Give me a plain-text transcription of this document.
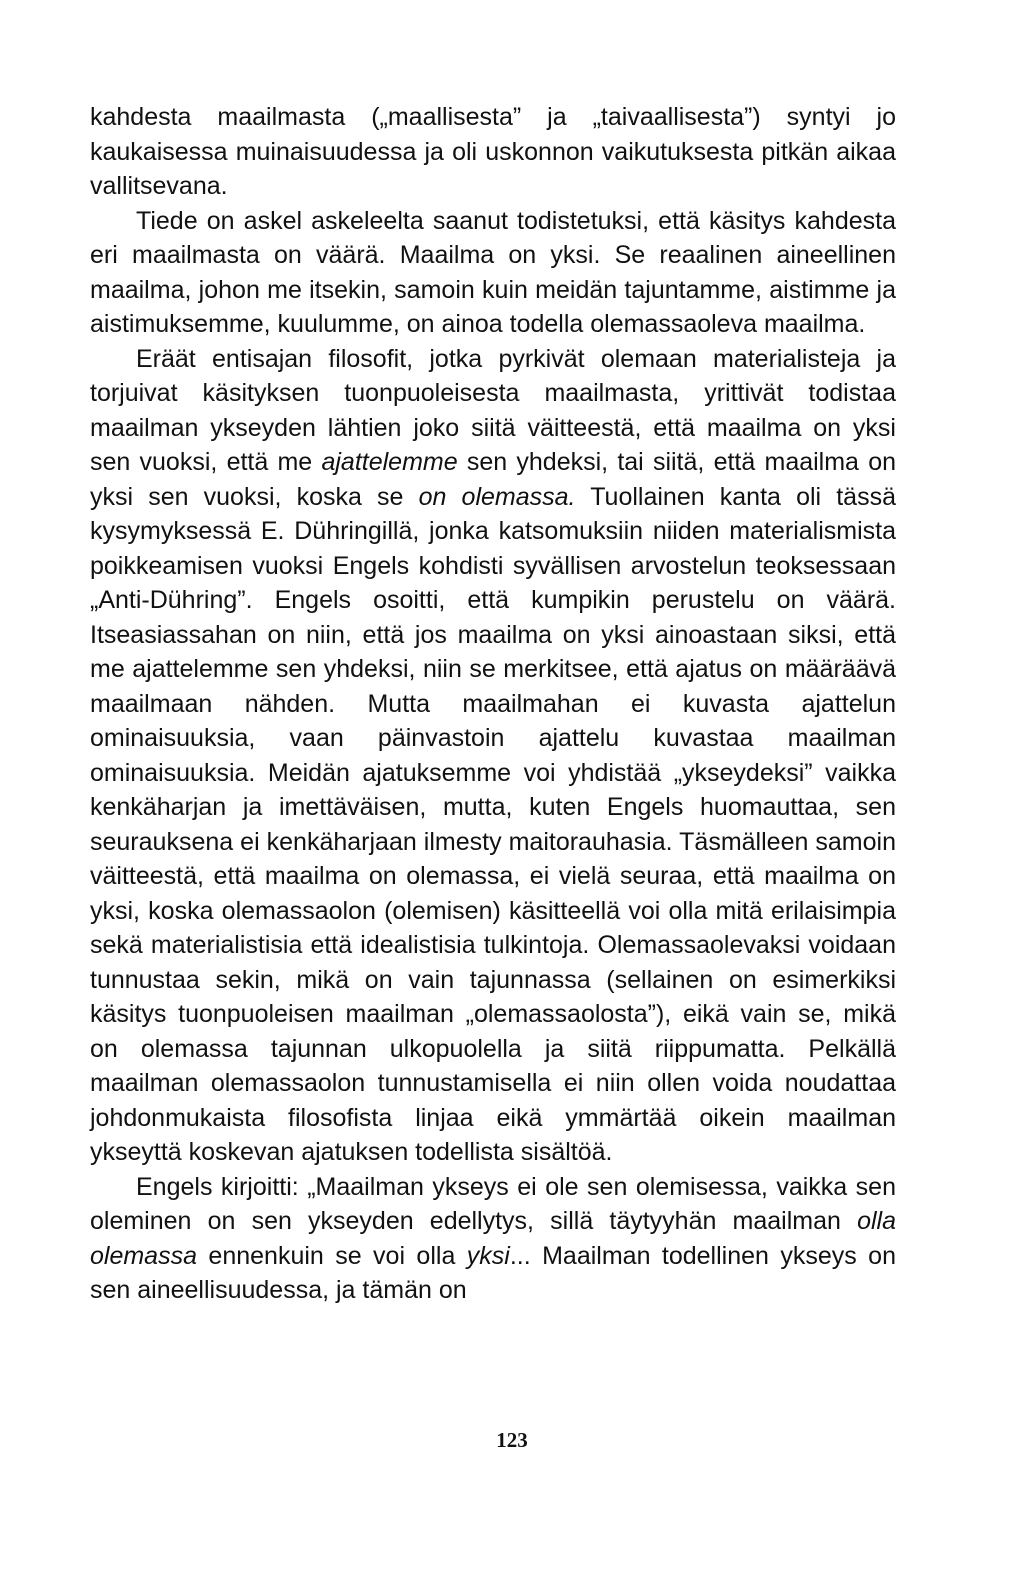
kahdesta maailmasta („maallisesta” ja „taivaallisesta”) syntyi jo kaukaisessa muinaisuudessa ja oli uskonnon vaikutuksesta pitkän aikaa vallitsevana.

Tiede on askel askeleelta saanut todistetuksi, että käsitys kahdesta eri maailmasta on väärä. Maailma on yksi. Se reaalinen aineellinen maailma, johon me itsekin, samoin kuin meidän tajuntamme, aistimme ja aistimuksemme, kuulumme, on ainoa todella olemassaoleva maailma.

Eräät entisajan filosofit, jotka pyrkivät olemaan materialisteja ja torjuivat käsityksen tuonpuoleisesta maailmasta, yrittivät todistaa maailman ykseyden lähtien joko siitä väitteestä, että maailma on yksi sen vuoksi, että me ajattelemme sen yhdeksi, tai siitä, että maailma on yksi sen vuoksi, koska se on olemassa. Tuollainen kanta oli tässä kysymyksessä E. Dühringillä, jonka katsomuksiin niiden materialismista poikkeamisen vuoksi Engels kohdisti syvällisen arvostelun teoksessaan „Anti-Dühring”. Engels osoitti, että kumpikin perustelu on väärä. Itseasiassahan on niin, että jos maailma on yksi ainoastaan siksi, että me ajattelemme sen yhdeksi, niin se merkitsee, että ajatus on määräävä maailmaan nähden. Mutta maailmahan ei kuvasta ajattelun ominaisuuksia, vaan päinvastoin ajattelu kuvastaa maailman ominaisuuksia. Meidän ajatuksemme voi yhdistää „ykseydeksi” vaikka kenkäharjan ja imettäväisen, mutta, kuten Engels huomauttaa, sen seurauksena ei kenkäharjaan ilmesty maitorauhasia. Täsmälleen samoin väitteestä, että maailma on olemassa, ei vielä seuraa, että maailma on yksi, koska olemassaolon (olemisen) käsitteellä voi olla mitä erilaisimpia sekä materialistisia että idealistisia tulkintoja. Olemassaolevaksi voidaan tunnustaa sekin, mikä on vain tajunnassa (sellainen on esimerkiksi käsitys tuonpuoleisen maailman „olemassaolosta”), eikä vain se, mikä on olemassa tajunnan ulkopuolella ja siitä riippumatta. Pelkällä maailman olemassaolon tunnustamisella ei niin ollen voida noudattaa johdonmukaista filosofista linjaa eikä ymmärtää oikein maailman ykseyttä koskevan ajatuksen todellista sisältöä.

Engels kirjoitti: „Maailman ykseys ei ole sen olemisessa, vaikka sen oleminen on sen ykseyden edellytys, sillä täytyyhän maailman olla olemassa ennenkuin se voi olla yksi... Maailman todellinen ykseys on sen aineellisuudessa, ja tämän on

123
